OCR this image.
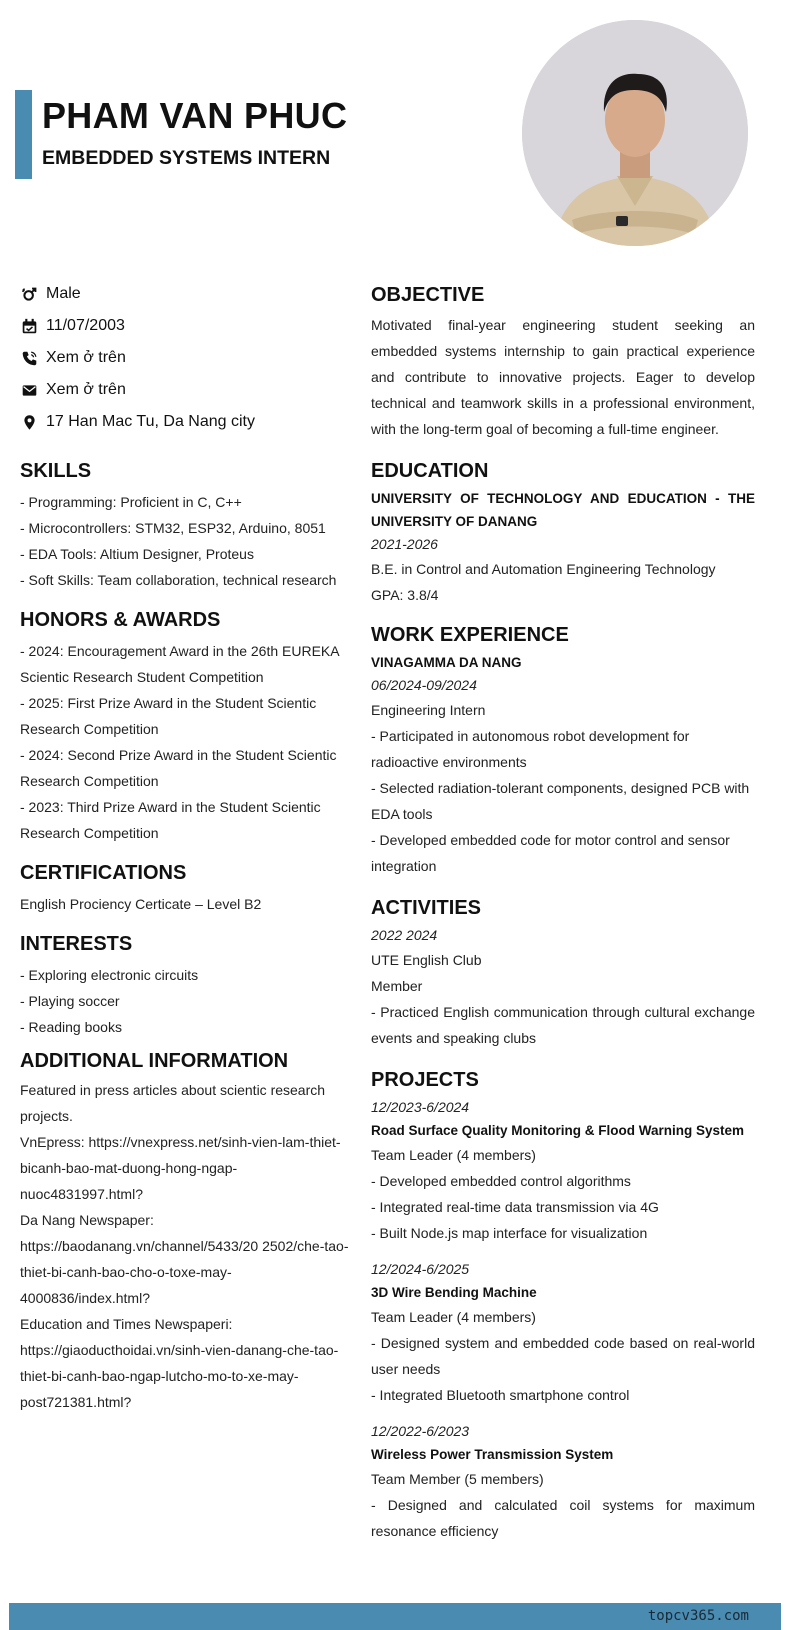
PHAM VAN PHUC
EMBEDDED SYSTEMS INTERN
Male
11/07/2003
Xem ở trên
Xem ở trên
17 Han Mac Tu, Da Nang city
SKILLS
- Programming: Proficient in C, C++
- Microcontrollers: STM32, ESP32, Arduino, 8051
- EDA Tools: Altium Designer, Proteus
- Soft Skills: Team collaboration, technical research
HONORS & AWARDS
- 2024: Encouragement Award in the 26th EUREKA Scientic Research Student Competition
- 2025: First Prize Award in the Student Scientic Research Competition
- 2024: Second Prize Award in the Student Scientic Research Competition
- 2023: Third Prize Award in the Student Scientic Research Competition
CERTIFICATIONS
English Prociency Certicate – Level B2
INTERESTS
- Exploring electronic circuits
- Playing soccer
- Reading books
ADDITIONAL INFORMATION
Featured in press articles about scientic research projects.
VnEpress: https://vnexpress.net/sinh-vien-lam-thiet-bicanh-bao-mat-duong-hong-ngap-nuoc4831997.html?
Da Nang Newspaper: https://baodanang.vn/channel/5433/20 2502/che-tao-thiet-bi-canh-bao-cho-o-toxe-may-4000836/index.html?
Education and Times Newspaperi: https://giaoducthoidai.vn/sinh-vien-danang-che-tao-thiet-bi-canh-bao-ngap-lutcho-mo-to-xe-may-post721381.html?
OBJECTIVE
Motivated final-year engineering student seeking an embedded systems internship to gain practical experience and contribute to innovative projects. Eager to develop technical and teamwork skills in a professional environment, with the long-term goal of becoming a full-time engineer.
EDUCATION
UNIVERSITY OF TECHNOLOGY AND EDUCATION - THE UNIVERSITY OF DANANG
2021-2026
B.E. in Control and Automation Engineering Technology
GPA: 3.8/4
WORK EXPERIENCE
VINAGAMMA DA NANG
06/2024-09/2024
Engineering Intern
- Participated in autonomous robot development for radioactive environments
- Selected radiation-tolerant components, designed PCB with EDA tools
- Developed embedded code for motor control and sensor integration
ACTIVITIES
2022 2024
UTE English Club
Member
- Practiced English communication through cultural exchange events and speaking clubs
PROJECTS
12/2023-6/2024
Road Surface Quality Monitoring & Flood Warning System
Team Leader (4 members)
- Developed embedded control algorithms
- Integrated real-time data transmission via 4G
- Built Node.js map interface for visualization
12/2024-6/2025
3D Wire Bending Machine
Team Leader (4 members)
- Designed system and embedded code based on real-world user needs
- Integrated Bluetooth smartphone control
12/2022-6/2023
Wireless Power Transmission System
Team Member (5 members)
- Designed and calculated coil systems for maximum resonance efficiency
topcv365.com
